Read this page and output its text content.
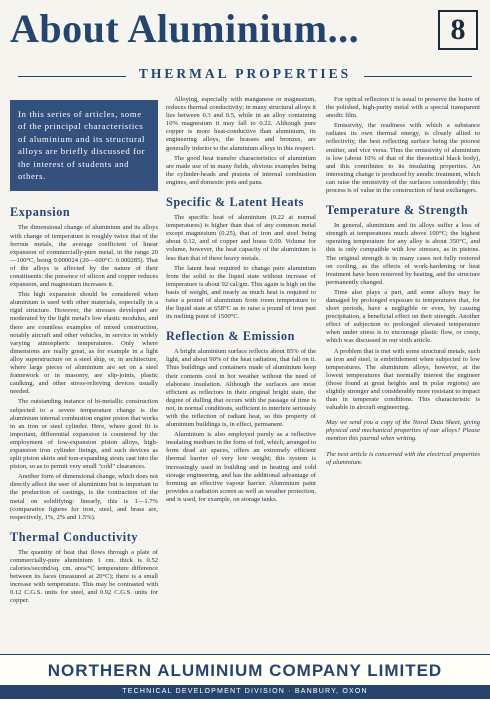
About Aluminium...	8
THERMAL PROPERTIES

In this series of articles, some of the principal characteristics of aluminium and its structural alloys are briefly discussed for the interest of students and others.

Expansion

The dimensional change of aluminium and its alloys with change of temperature is roughly twice that of the ferrous metals, the average coefficient of linear expansion of commercially-pure metal, in the range 20—100°C, being 0.000024 (20—600°C: 0.000285). That of the alloys is affected by the nature of their constituents: the presence of silicon and copper reduces expansion, and magnesium increases it.

This high expansion should be considered when aluminium is used with other materials, especially in a rigid structure. However, the stresses developed are moderated by the light metal's low elastic modulus, and there are countless examples of mixed construction, notably aircraft and other vehicles, in service in widely varying atmospheric temperatures. Only where dimensions are really great, as for example in a light alloy superstructure on a steel ship, or, in architecture, where large pieces of aluminium are set on a steel framework or in masonry, are slip-joints, plastic caulking, and other stress-relieving devices usually needed.

The outstanding instance of bi-metallic construction subjected to a severe temperature change is the aluminium internal combustion engine piston that works in an iron or steel cylinder. Here, where good fit is important, differential expansion is countered by the employment of low-expansion piston alloys, high-expansion iron cylinder linings, and such devices as split piston skirts and non-expanding struts cast into the piston, so as to permit very small "cold" clearances.

Another form of dimensional change, which does not directly affect the user of aluminium but is important in the production of castings, is the contraction of the metal on solidifying: linearly, this is 1—1.7% (comparative figures for iron, steel, and brass are, respectively, 1%, 2% and 1.5%).

Thermal Conductivity

The quantity of heat that flows through a plate of commercially-pure aluminium 1 cm. thick is 0.52 calories/second/sq. cm. area/°C temperature difference between its faces (measured at 20°C); there is a small increase with temperature. This may be contrasted with 0.12 C.G.S. units for steel, and 0.92 C.G.S. units for copper.

Alloying, especially with manganese or magnesium, reduces thermal conductivity; in many structural alloys it lies between 0.3 and 0.5, while in an alloy containing 10% magnesium it may fall to 0.22. Although pure copper is more heat-conductive than aluminium, its engineering alloys, the brasses and bronzes, are generally inferior to the aluminium alloys in this respect.

The good heat transfer characteristics of aluminium are made use of in many fields, obvious examples being the cylinder-heads and pistons of internal combustion engines, and domestic pots and pans.

Specific & Latent Heats

The specific heat of aluminium (0.22 at normal temperatures) is higher than that of any common metal except magnesium (0.25), that of iron and steel being about 0.12, and of copper and brass 0.09. Volume for volume, however, the heat capacity of the aluminium is less than that of these heavy metals.

The latent heat required to change pure aluminium from the solid to the liquid state without increase of temperature is about 92 cal/gm. This again is high on the basis of weight, and nearly as much heat is required to raise a pound of aluminium from room temperature to the liquid state at 658°C as to raise a pound of iron past its melting point of 1500°C.

Reflection & Emission

A bright aluminium surface reflects about 85% of the light, and about 90% of the heat radiation, that fall on it. Thus buildings and containers made of aluminium keep their contents cool in hot weather without the need of elaborate insulation. Although the surfaces are most efficient as reflectors in their original bright state, the degree of dulling that occurs with the passage of time is not, in normal conditions, sufficient to interfere seriously with the reflection of radiant heat, so this property of aluminium buildings is, in effect, permanent.

Aluminium is also employed purely as a reflective insulating medium in the form of foil, which, arranged to form dead air spaces, offers an extremely efficient thermal barrier of very low weight; this system is increasingly used in building and in heating and cold storage engineering, and has the additional advantage of forming an effective vapour barrier. Aluminium paint provides a radiation screen as well as weather protection, and is used, for example, on storage tanks.

For optical reflectors it is usual to preserve the lustre of the polished, high-purity metal with a special transparent anodic film.

Emissivity, the readiness with which a substance radiates its own thermal energy, is closely allied to reflectivity, the best reflecting surface being the poorest emitter, and vice versa. Thus the emissivity of aluminium is low (about 10% of that of the theoretical black body), and this contributes to its insulating properties. An interesting change is produced by anodic treatment, which can raise the emissivity of the surfaces considerably; this process is of value in the construction of heat exchangers.

Temperature & Strength

In general, aluminium and its alloys suffer a loss of strength at temperatures much above 100°C; the highest operating temperature for any alloy is about 350°C, and this is only compatible with low stresses, as in pistons. The original strength is in many cases not fully restored on cooling, as the effects of work-hardening or heat treatment have been removed by heating, and the structure permanently changed.

Time also plays a part, and some alloys may be damaged by prolonged exposure to temperatures that, for short periods, have a negligible or even, by causing precipitation, a beneficial effect on their strength. Another effect of subjection to prolonged elevated temperature when under stress is to encourage plastic flow, or creep, which was discussed in our sixth article.

A problem that is met with some structural metals, such as iron and steel, is embrittlement when subjected to low temperatures. The aluminium alloys, however, at the lowest temperatures that normally interest the engineer (those found at great heights and in polar regions) are slightly stronger and considerably more resistant to impact than in temperate conditions. This characteristic is valuable in aircraft engineering.

May we send you a copy of the Noral Data Sheet, giving physical and mechanical properties of our alloys? Please mention this journal when writing.

The next article is concerned with the electrical properties of aluminium.

NORTHERN ALUMINIUM COMPANY LIMITED
TECHNICAL DEVELOPMENT DIVISION · BANBURY, OXON
